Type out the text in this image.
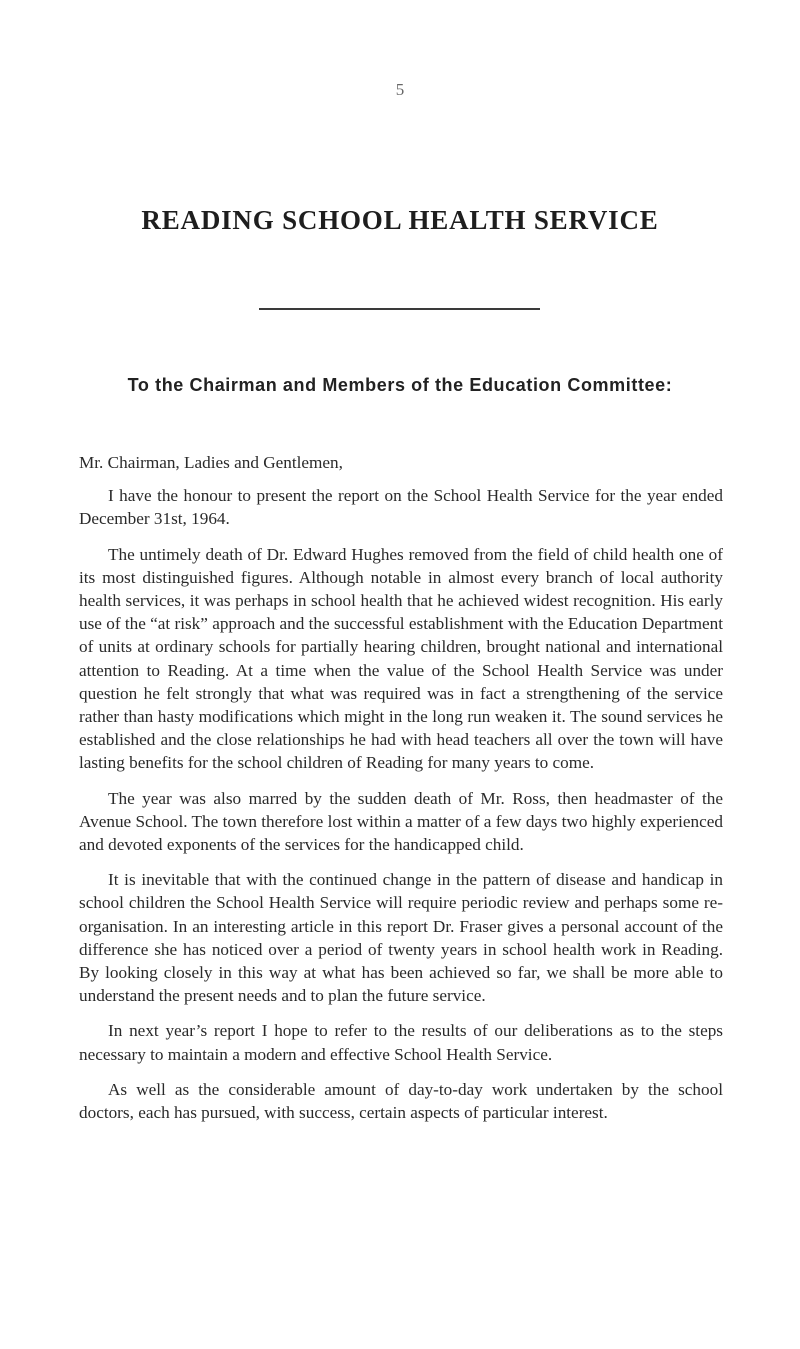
5
READING SCHOOL HEALTH SERVICE
To the Chairman and Members of the Education Committee:

Mr. Chairman, Ladies and Gentlemen,

I have the honour to present the report on the School Health Service for the year ended December 31st, 1964.

The untimely death of Dr. Edward Hughes removed from the field of child health one of its most distinguished figures. Although notable in almost every branch of local authority health services, it was perhaps in school health that he achieved widest recognition. His early use of the “at risk” approach and the successful establishment with the Education Department of units at ordinary schools for partially hearing children, brought national and international attention to Reading. At a time when the value of the School Health Service was under question he felt strongly that what was required was in fact a strengthening of the service rather than hasty modifications which might in the long run weaken it. The sound services he established and the close relationships he had with head teachers all over the town will have lasting benefits for the school children of Reading for many years to come.

The year was also marred by the sudden death of Mr. Ross, then headmaster of the Avenue School. The town therefore lost within a matter of a few days two highly experienced and devoted exponents of the services for the handicapped child.

It is inevitable that with the continued change in the pattern of disease and handicap in school children the School Health Service will require periodic review and perhaps some re-organisation. In an interesting article in this report Dr. Fraser gives a personal account of the difference she has noticed over a period of twenty years in school health work in Reading. By looking closely in this way at what has been achieved so far, we shall be more able to understand the present needs and to plan the future service.

In next year’s report I hope to refer to the results of our deliberations as to the steps necessary to maintain a modern and effective School Health Service.

As well as the considerable amount of day-to-day work undertaken by the school doctors, each has pursued, with success, certain aspects of particular interest.
